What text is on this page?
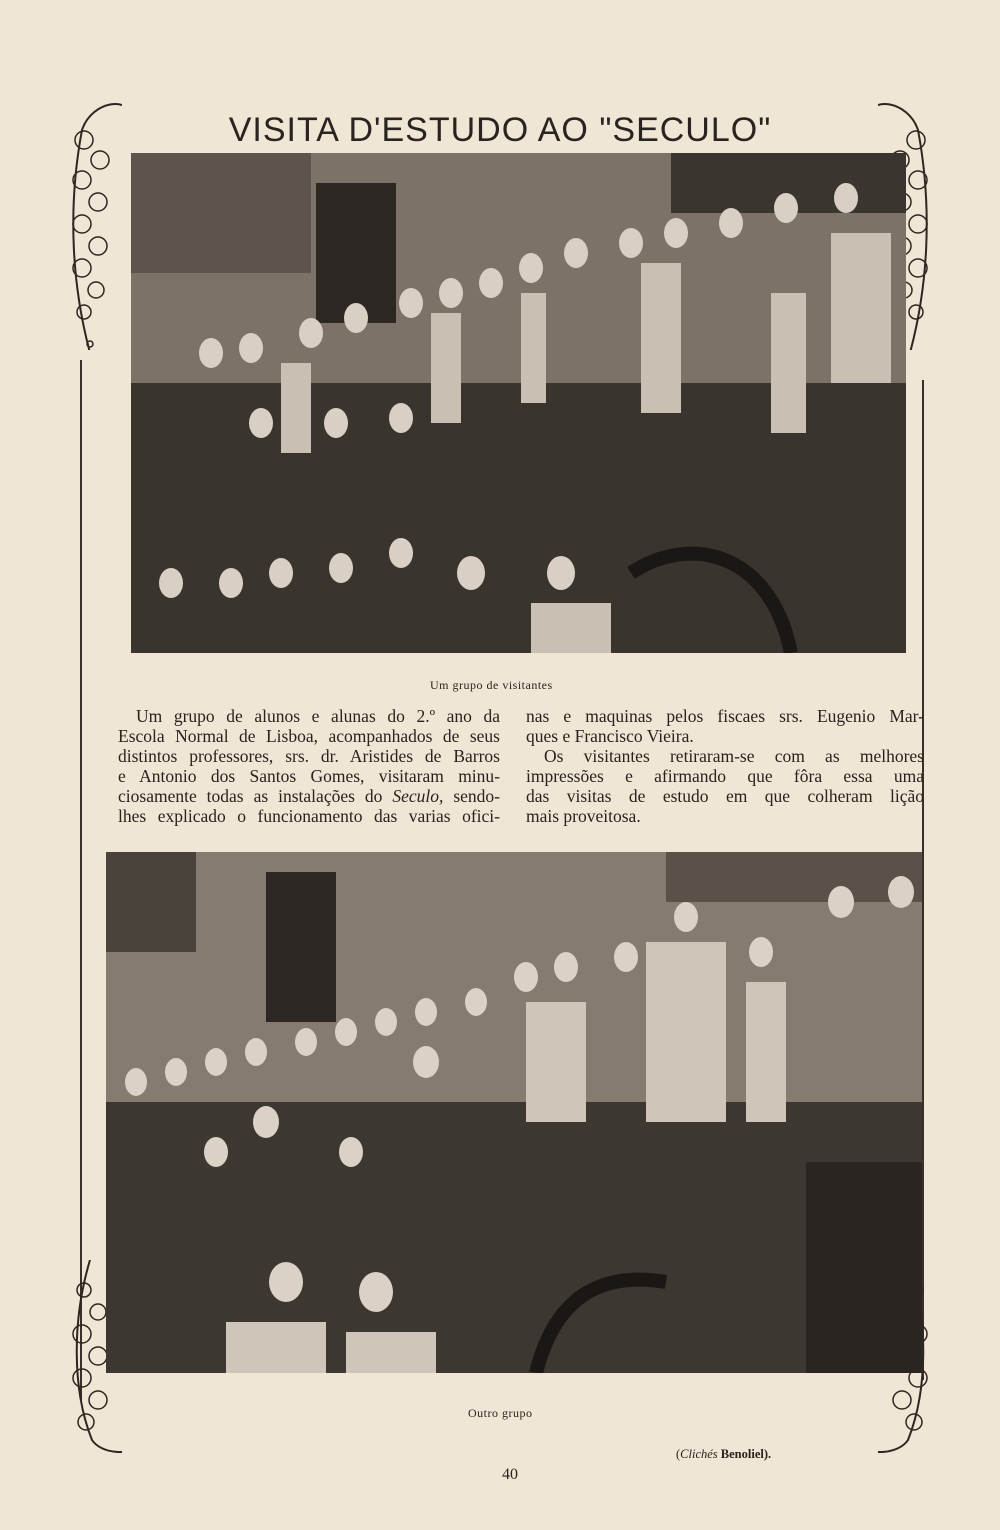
VISITA D'ESTUDO AO "SECULO"
Um grupo de visitantes
Um grupo de alunos e alunas do 2.º ano da
Escola Normal de Lisboa, acompanhados de seus
distintos professores, srs. dr. Aristides de Barros
e Antonio dos Santos Gomes, visitaram minu-
ciosamente todas as instalações do Seculo, sendo-
lhes explicado o funcionamento das varias ofici-
nas e maquinas pelos fiscaes srs. Eugenio Mar-
ques e Francisco Vieira.
Os visitantes retiraram-se com as melhores
impressões e afirmando que fôra essa uma
das visitas de estudo em que colheram lição
mais proveitosa.
Outro grupo
(Clichés Benoliel).
40
